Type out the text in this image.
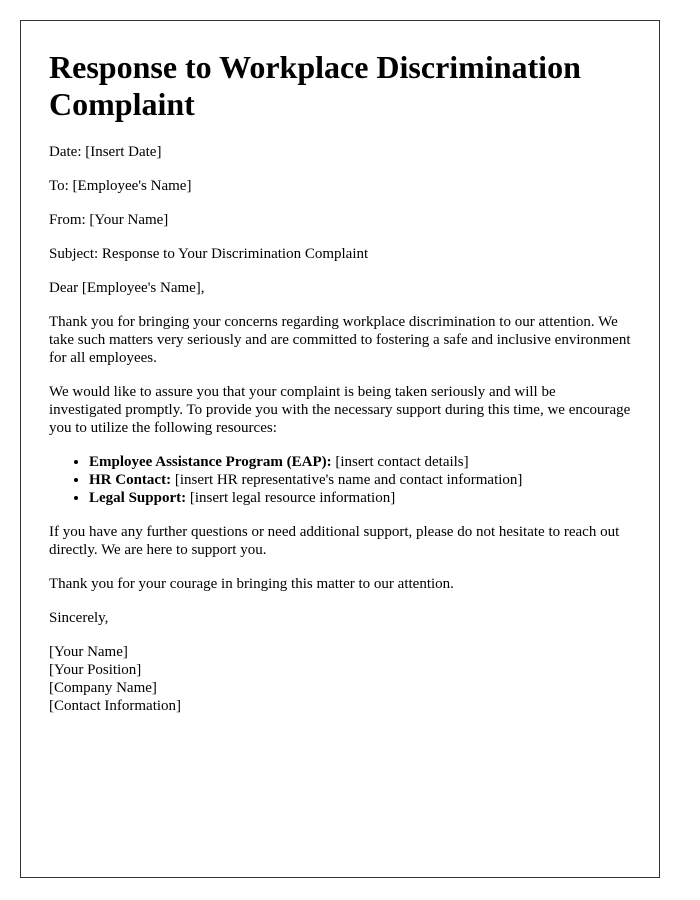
Response to Workplace Discrimination Complaint

Date: [Insert Date]

To: [Employee's Name]

From: [Your Name]

Subject: Response to Your Discrimination Complaint

Dear [Employee's Name],

Thank you for bringing your concerns regarding workplace discrimination to our attention. We take such matters very seriously and are committed to fostering a safe and inclusive environment for all employees.

We would like to assure you that your complaint is being taken seriously and will be investigated promptly. To provide you with the necessary support during this time, we encourage you to utilize the following resources:

• Employee Assistance Program (EAP): [insert contact details]
• HR Contact: [insert HR representative's name and contact information]
• Legal Support: [insert legal resource information]

If you have any further questions or need additional support, please do not hesitate to reach out directly. We are here to support you.

Thank you for your courage in bringing this matter to our attention.

Sincerely,

[Your Name]
[Your Position]
[Company Name]
[Contact Information]
